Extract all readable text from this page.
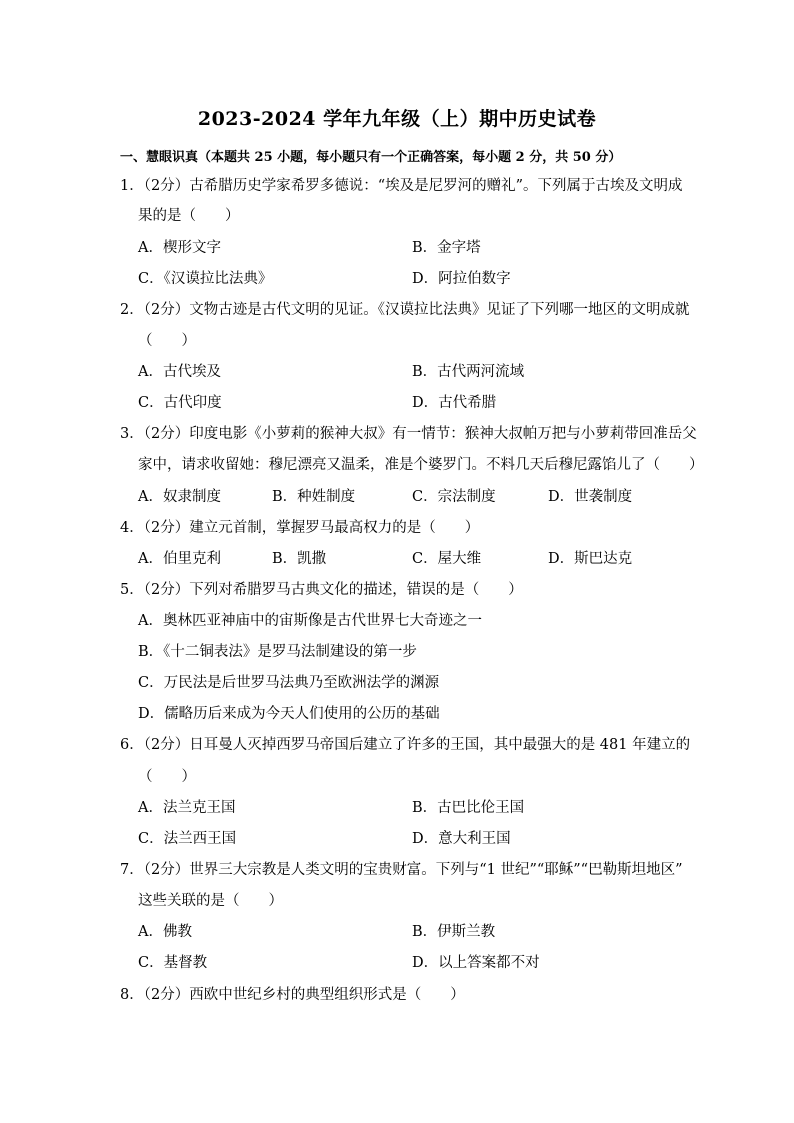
2023-2024 学年九年级（上）期中历史试卷
一、慧眼识真（本题共 25 小题，每小题只有一个正确答案，每小题 2 分，共 50 分）
1．（2分）古希腊历史学家希罗多德说：“埃及是尼罗河的赠礼”。下列属于古埃及文明成
果的是（　　）
A．楔形文字	B．金字塔
C．《汉谟拉比法典》	D．阿拉伯数字
2．（2分）文物古迹是古代文明的见证。《汉谟拉比法典》见证了下列哪一地区的文明成就
（　　）
A．古代埃及	B．古代两河流域
C．古代印度	D．古代希腊
3．（2分）印度电影《小萝莉的猴神大叔》有一情节：猴神大叔帕万把与小萝莉带回准岳父
家中，请求收留她：穆尼漂亮又温柔，准是个婆罗门。不料几天后穆尼露馅儿了（　　）
A．奴隶制度	B．种姓制度	C．宗法制度	D．世袭制度
4．（2分）建立元首制，掌握罗马最高权力的是（　　）
A．伯里克利	B．凯撒	C．屋大维	D．斯巴达克
5．（2分）下列对希腊罗马古典文化的描述，错误的是（　　）
A．奥林匹亚神庙中的宙斯像是古代世界七大奇迹之一
B．《十二铜表法》是罗马法制建设的第一步
C．万民法是后世罗马法典乃至欧洲法学的渊源
D．儒略历后来成为今天人们使用的公历的基础
6．（2分）日耳曼人灭掉西罗马帝国后建立了许多的王国，其中最强大的是 481 年建立的
（　　）
A．法兰克王国	B．古巴比伦王国
C．法兰西王国	D．意大利王国
7．（2分）世界三大宗教是人类文明的宝贵财富。下列与“1 世纪”“耶稣”“巴勒斯坦地区”
这些关联的是（　　）
A．佛教	B．伊斯兰教
C．基督教	D．以上答案都不对
8．（2分）西欧中世纪乡村的典型组织形式是（　　）
